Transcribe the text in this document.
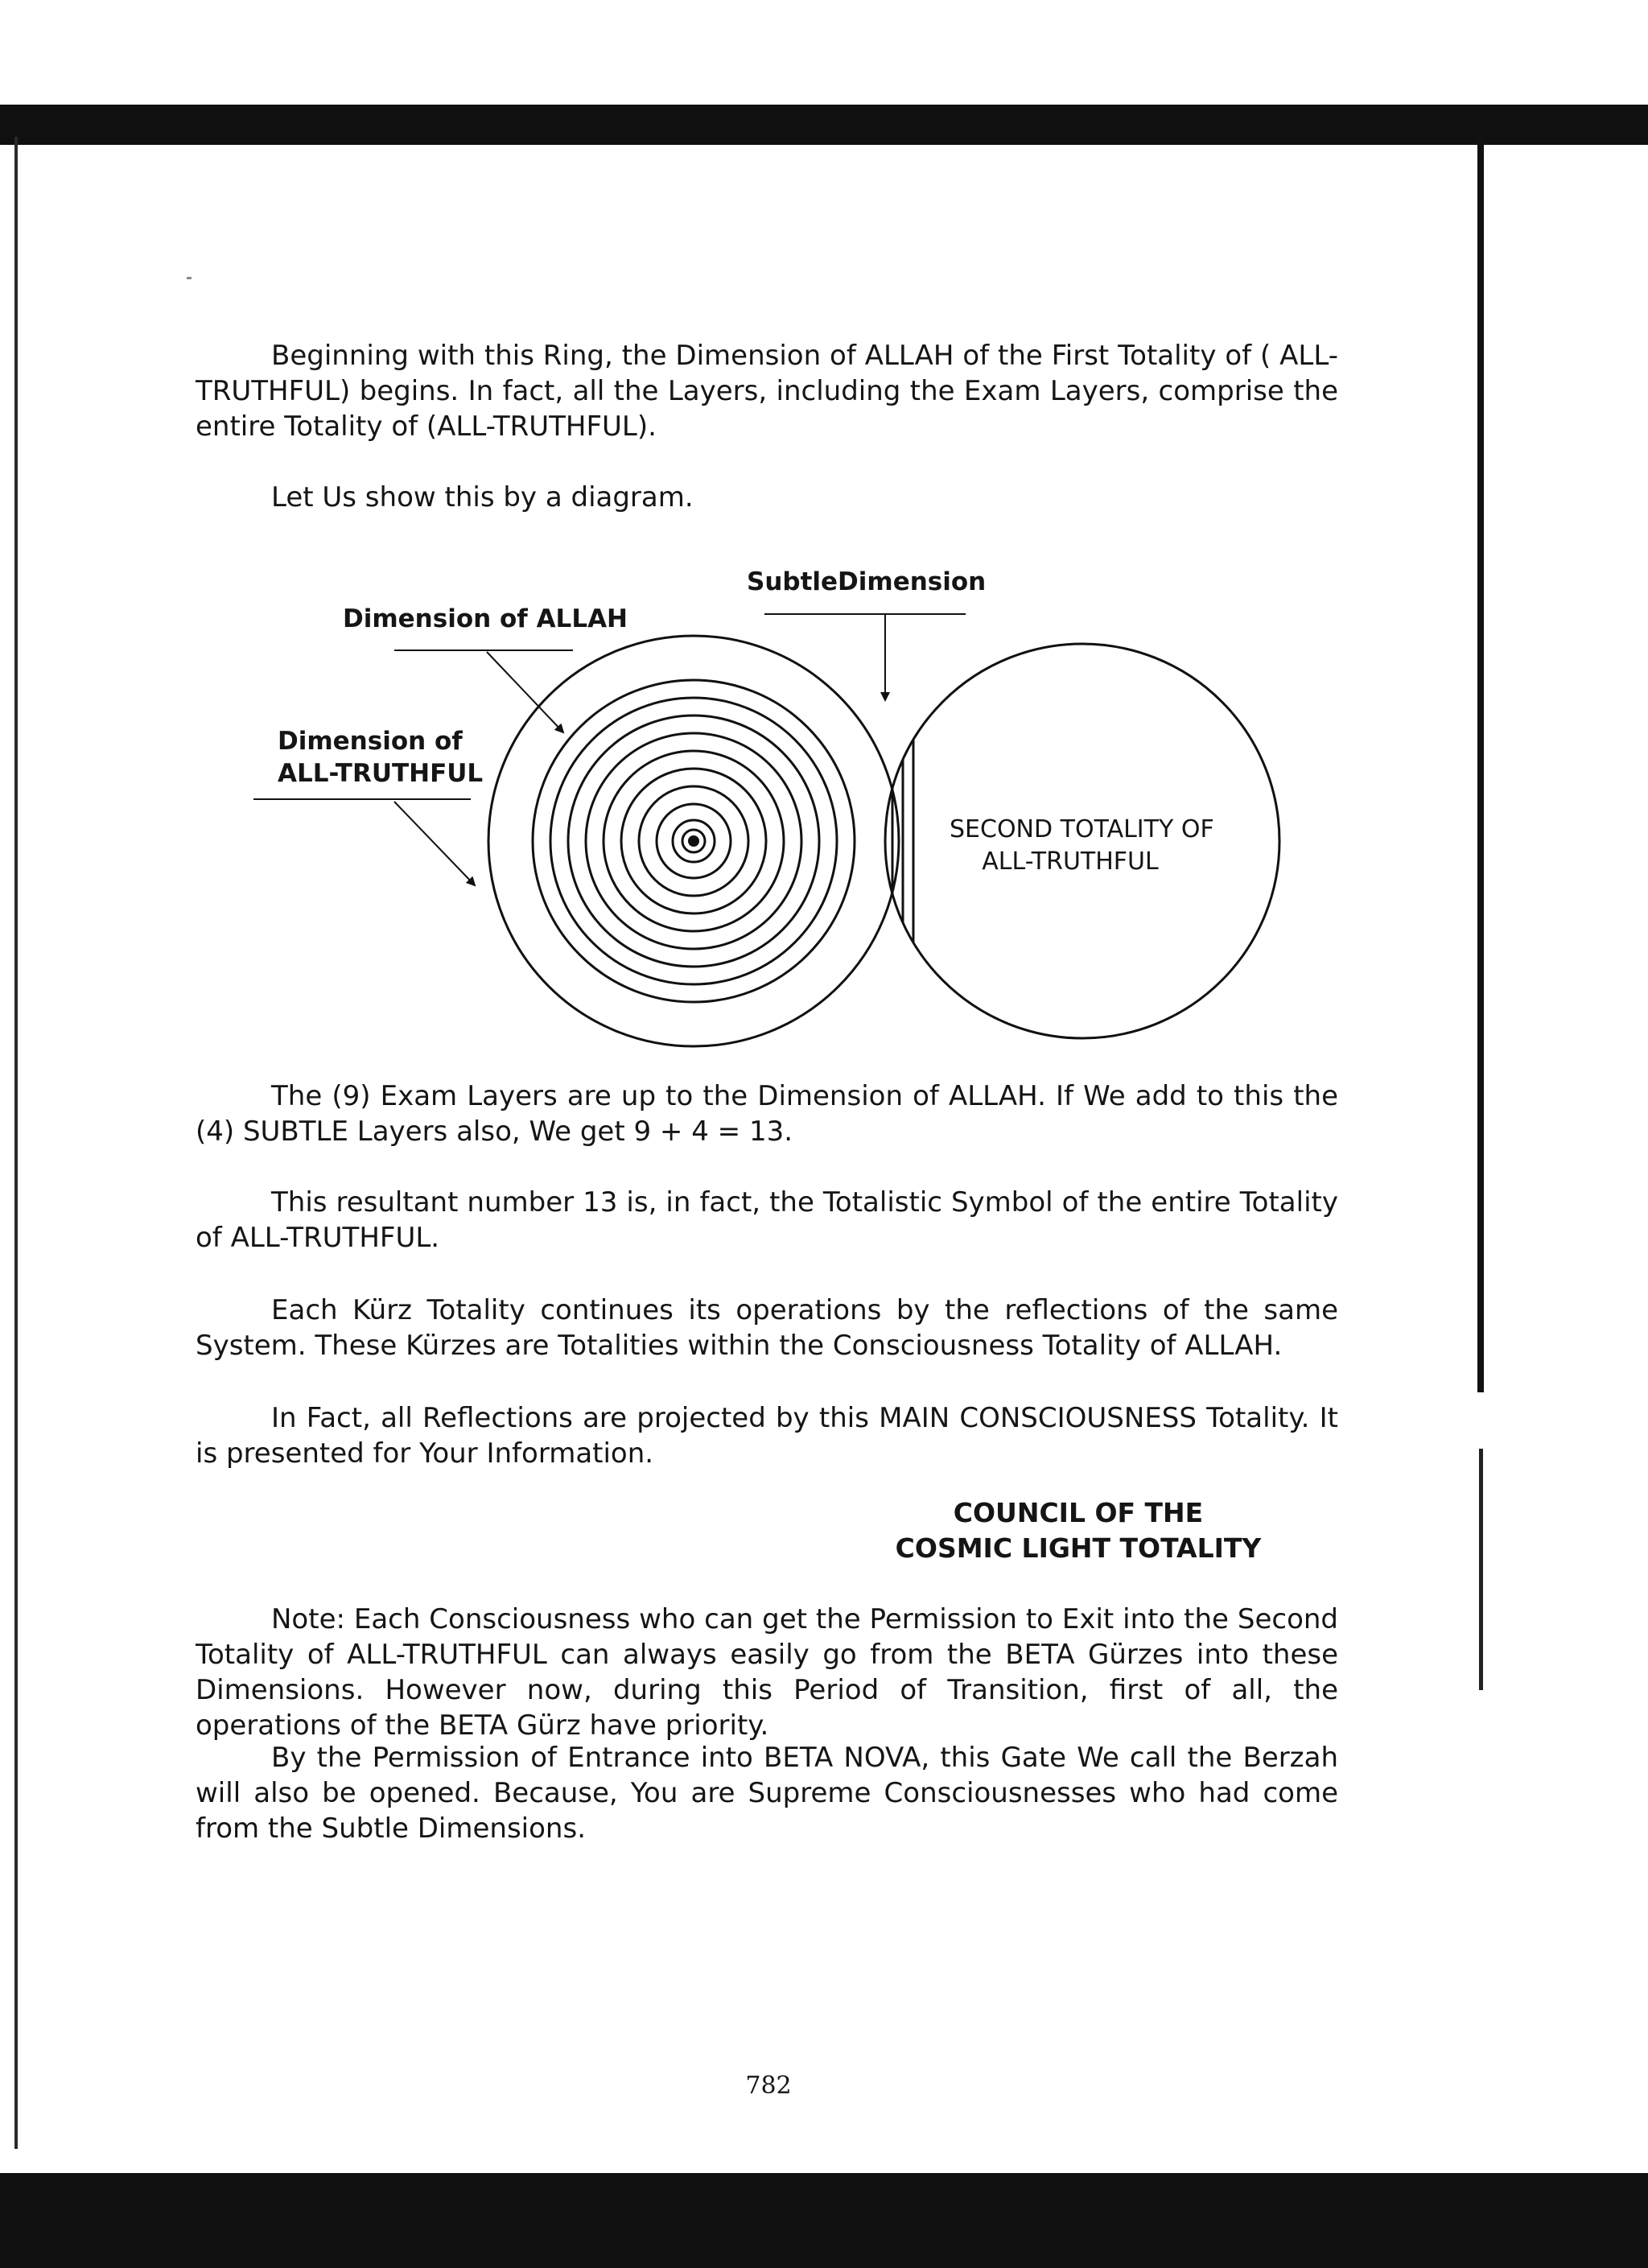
Beginning with this Ring, the Dimension of ALLAH of the First Totality of ( ALL-TRUTHFUL) begins. In fact, all the Layers, including the Exam Layers, comprise the entire Totality of (ALL-TRUTHFUL).

Let Us show this by a diagram.

SubtleDimension
Dimension of ALLAH
Dimension of
ALL-TRUTHFUL
SECOND TOTALITY OF
ALL-TRUTHFUL

The (9) Exam Layers are up to the Dimension of ALLAH. If We add to this the (4) SUBTLE Layers also, We get 9 + 4 = 13.

This resultant number 13 is, in fact, the Totalistic Symbol of the entire Totality of ALL-TRUTHFUL.

Each Kürz Totality continues its operations by the reflections of the same System. These Kürzes are Totalities within the Consciousness Totality of ALLAH.

In Fact, all Reflections are projected by this MAIN CONSCIOUSNESS Totality. It is presented for Your Information.

COUNCIL OF THE
COSMIC LIGHT TOTALITY

Note: Each Consciousness who can get the Permission to Exit into the Second Totality of ALL-TRUTHFUL can always easily go from the BETA Gürzes into these Dimensions. However now, during this Period of Transition, first of all, the operations of the BETA Gürz have priority.

By the Permission of Entrance into BETA NOVA, this Gate We call the Berzah will also be opened. Because, You are Supreme Consciousnesses who had come from the Subtle Dimensions.

782
